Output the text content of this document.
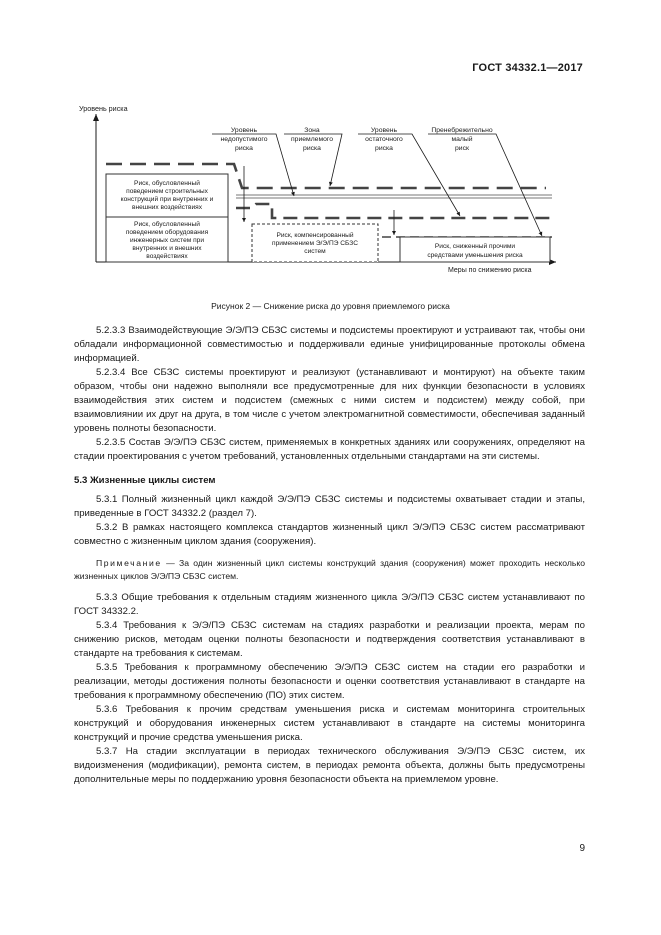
ГОСТ 34332.1—2017
Уровень риска
Меры по снижению риска
Риск, обусловленный
поведением строительных
конструкций при внутренних и
внешних воздействиях
Риск, обусловленный
поведением оборудования
инженерных систем при
внутренних и внешних
воздействиях
Риск, компенсированный
применением Э/Э/ПЭ СБЗС
систем
Риск, сниженный прочими
средствами уменьшения риска
Уровень
недопустимого
риска
Зона
приемлемого
риска
Уровень
остаточного
риска
Пренебрежительно
малый
риск
Рисунок 2 — Снижение риска до уровня приемлемого риска

5.2.3.3 Взаимодействующие Э/Э/ПЭ СБЗС системы и подсистемы проектируют и устраивают так, чтобы они обладали информационной совместимостью и поддерживали единые унифицированные протоколы обмена информацией.

5.2.3.4 Все СБЗС системы проектируют и реализуют (устанавливают и монтируют) на объекте таким образом, чтобы они надежно выполняли все предусмотренные для них функции безопасности в условиях взаимодействия этих систем и подсистем (смежных с ними систем и подсистем) между собой, при взаимовлиянии их друг на друга, в том числе с учетом электромагнитной совместимости, обеспечивая заданный уровень полноты безопасности.

5.2.3.5 Состав Э/Э/ПЭ СБЗС систем, применяемых в конкретных зданиях или сооружениях, определяют на стадии проектирования с учетом требований, установленных отдельными стандартами на эти системы.

5.3 Жизненные циклы систем

5.3.1 Полный жизненный цикл каждой Э/Э/ПЭ СБЗС системы и подсистемы охватывает стадии и этапы, приведенные в ГОСТ 34332.2 (раздел 7).

5.3.2 В рамках настоящего комплекса стандартов жизненный цикл Э/Э/ПЭ СБЗС систем рассматривают совместно с жизненным циклом здания (сооружения).

Примечание — За один жизненный цикл системы конструкций здания (сооружения) может проходить несколько жизненных циклов Э/Э/ПЭ СБЗС систем.

5.3.3 Общие требования к отдельным стадиям жизненного цикла Э/Э/ПЭ СБЗС систем устанавливают по ГОСТ 34332.2.

5.3.4 Требования к Э/Э/ПЭ СБЗС системам на стадиях разработки и реализации проекта, мерам по снижению рисков, методам оценки полноты безопасности и подтверждения соответствия устанавливают в стандарте на требования к системам.

5.3.5 Требования к программному обеспечению Э/Э/ПЭ СБЗС систем на стадии его разработки и реализации, методы достижения полноты безопасности и оценки соответствия устанавливают в стандарте на требования к программному обеспечению (ПО) этих систем.

5.3.6 Требования к прочим средствам уменьшения риска и системам мониторинга строительных конструкций и оборудования инженерных систем устанавливают в стандарте на системы мониторинга конструкций и прочие средства уменьшения риска.

5.3.7 На стадии эксплуатации в периодах технического обслуживания Э/Э/ПЭ СБЗС систем, их видоизменения (модификации), ремонта систем, в периодах ремонта объекта, должны быть предусмотрены дополнительные меры по поддержанию уровня безопасности объекта на приемлемом уровне.

9
